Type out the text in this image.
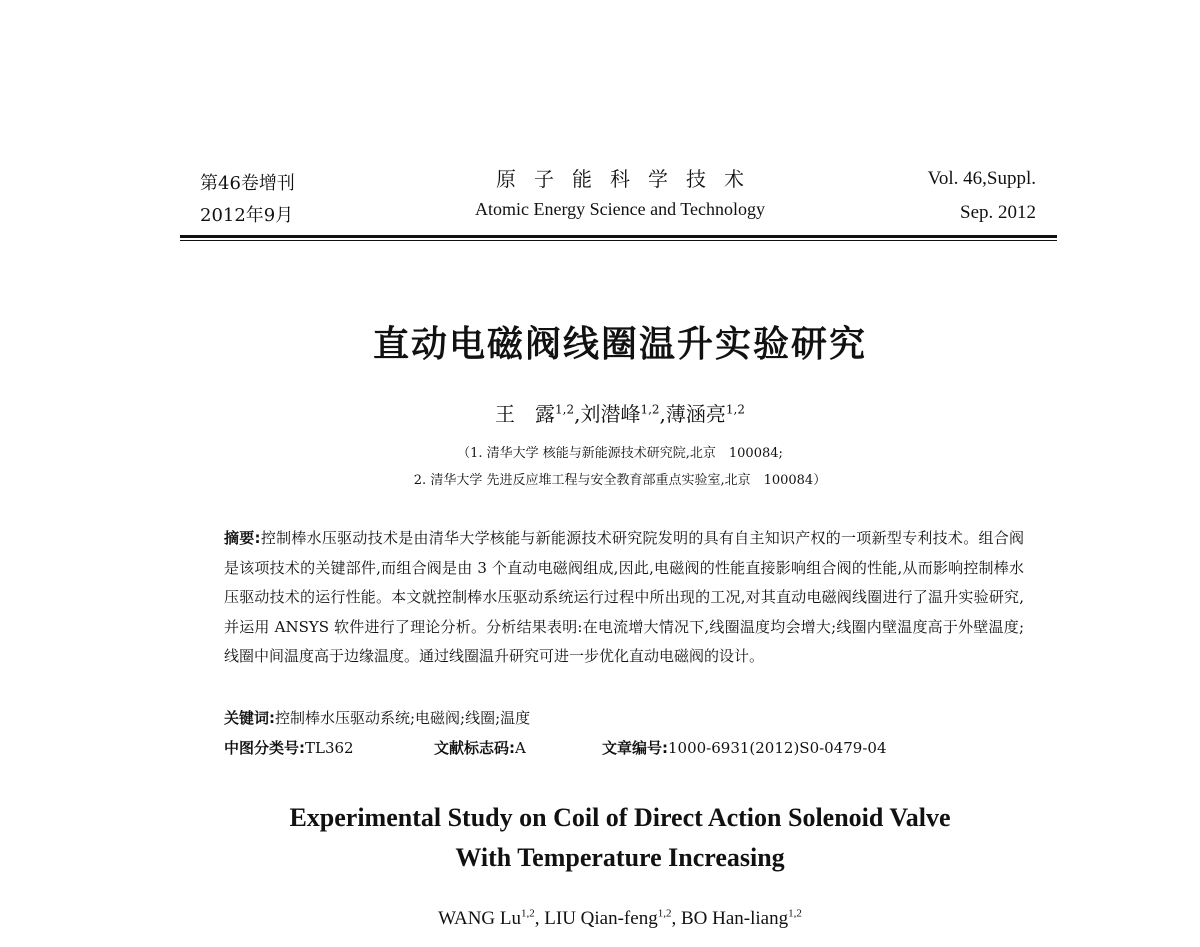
第46卷增刊
2012年9月
原子能科学技术
Atomic Energy Science and Technology
Vol. 46,Suppl.
Sep. 2012
直动电磁阀线圈温升实验研究
王　露$^{1,2}$,刘潜峰$^{1,2}$,薄涵亮$^{1,2}$
（1. 清华大学 核能与新能源技术研究院,北京　100084;
2. 清华大学 先进反应堆工程与安全教育部重点实验室,北京　100084）
摘要:控制棒水压驱动技术是由清华大学核能与新能源技术研究院发明的具有自主知识产权的一项新型专利技术。组合阀是该项技术的关键部件,而组合阀是由 3 个直动电磁阀组成,因此,电磁阀的性能直接影响组合阀的性能,从而影响控制棒水压驱动技术的运行性能。本文就控制棒水压驱动系统运行过程中所出现的工况,对其直动电磁阀线圈进行了温升实验研究,并运用 ANSYS 软件进行了理论分析。分析结果表明:在电流增大情况下,线圈温度均会增大;线圈内壁温度高于外壁温度;线圈中间温度高于边缘温度。通过线圈温升研究可进一步优化直动电磁阀的设计。
关键词:控制棒水压驱动系统;电磁阀;线圈;温度
中图分类号:TL362	文献标志码:A	文章编号:1000-6931(2012)S0-0479-04
Experimental Study on Coil of Direct Action Solenoid Valve
With Temperature Increasing
WANG Lu$^{1,2}$, LIU Qian-feng$^{1,2}$, BO Han-liang$^{1,2}$
